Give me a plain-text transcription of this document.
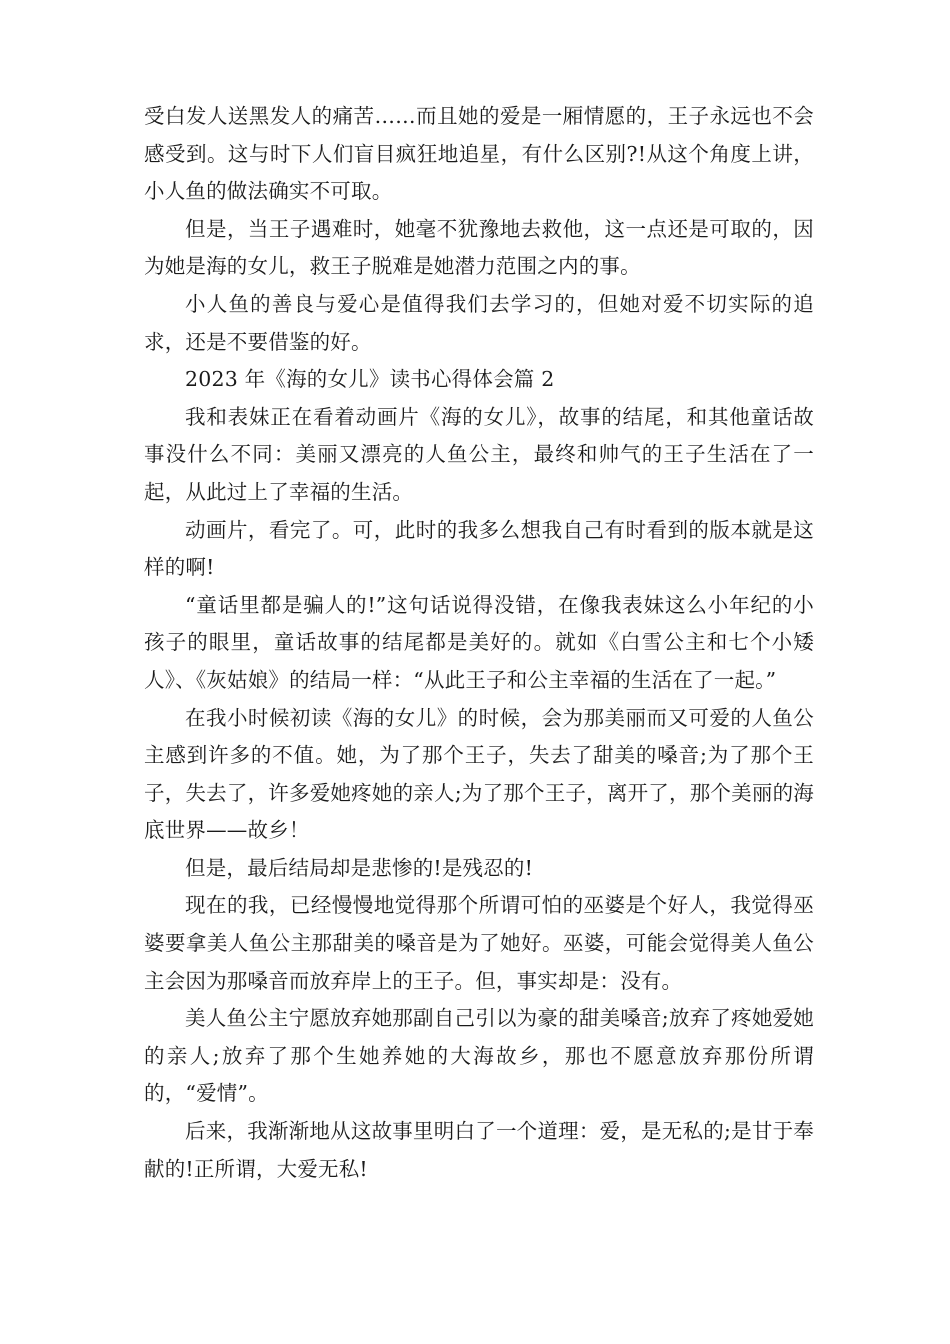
受白发人送黑发人的痛苦……而且她的爱是一厢情愿的，王子永远也不会感受到。这与时下人们盲目疯狂地追星，有什么区别?!从这个角度上讲，小人鱼的做法确实不可取。

但是，当王子遇难时，她毫不犹豫地去救他，这一点还是可取的，因为她是海的女儿，救王子脱难是她潜力范围之内的事。

小人鱼的善良与爱心是值得我们去学习的，但她对爱不切实际的追求，还是不要借鉴的好。

2023 年《海的女儿》读书心得体会篇 2

我和表妹正在看着动画片《海的女儿》，故事的结尾，和其他童话故事没什么不同：美丽又漂亮的人鱼公主，最终和帅气的王子生活在了一起，从此过上了幸福的生活。

动画片，看完了。可，此时的我多么想我自己有时看到的版本就是这样的啊!

“童话里都是骗人的!”这句话说得没错，在像我表妹这么小年纪的小孩子的眼里，童话故事的结尾都是美好的。就如《白雪公主和七个小矮人》、《灰姑娘》的结局一样：“从此王子和公主幸福的生活在了一起。”

在我小时候初读《海的女儿》的时候，会为那美丽而又可爱的人鱼公主感到许多的不值。她，为了那个王子，失去了甜美的嗓音;为了那个王子，失去了，许多爱她疼她的亲人;为了那个王子，离开了，那个美丽的海底世界——故乡！

但是，最后结局却是悲惨的!是残忍的!

现在的我，已经慢慢地觉得那个所谓可怕的巫婆是个好人，我觉得巫婆要拿美人鱼公主那甜美的嗓音是为了她好。巫婆，可能会觉得美人鱼公主会因为那嗓音而放弃岸上的王子。但，事实却是：没有。

美人鱼公主宁愿放弃她那副自己引以为豪的甜美嗓音;放弃了疼她爱她的亲人;放弃了那个生她养她的大海故乡，那也不愿意放弃那份所谓的，“爱情”。

后来，我渐渐地从这故事里明白了一个道理：爱，是无私的;是甘于奉献的!正所谓，大爱无私!
